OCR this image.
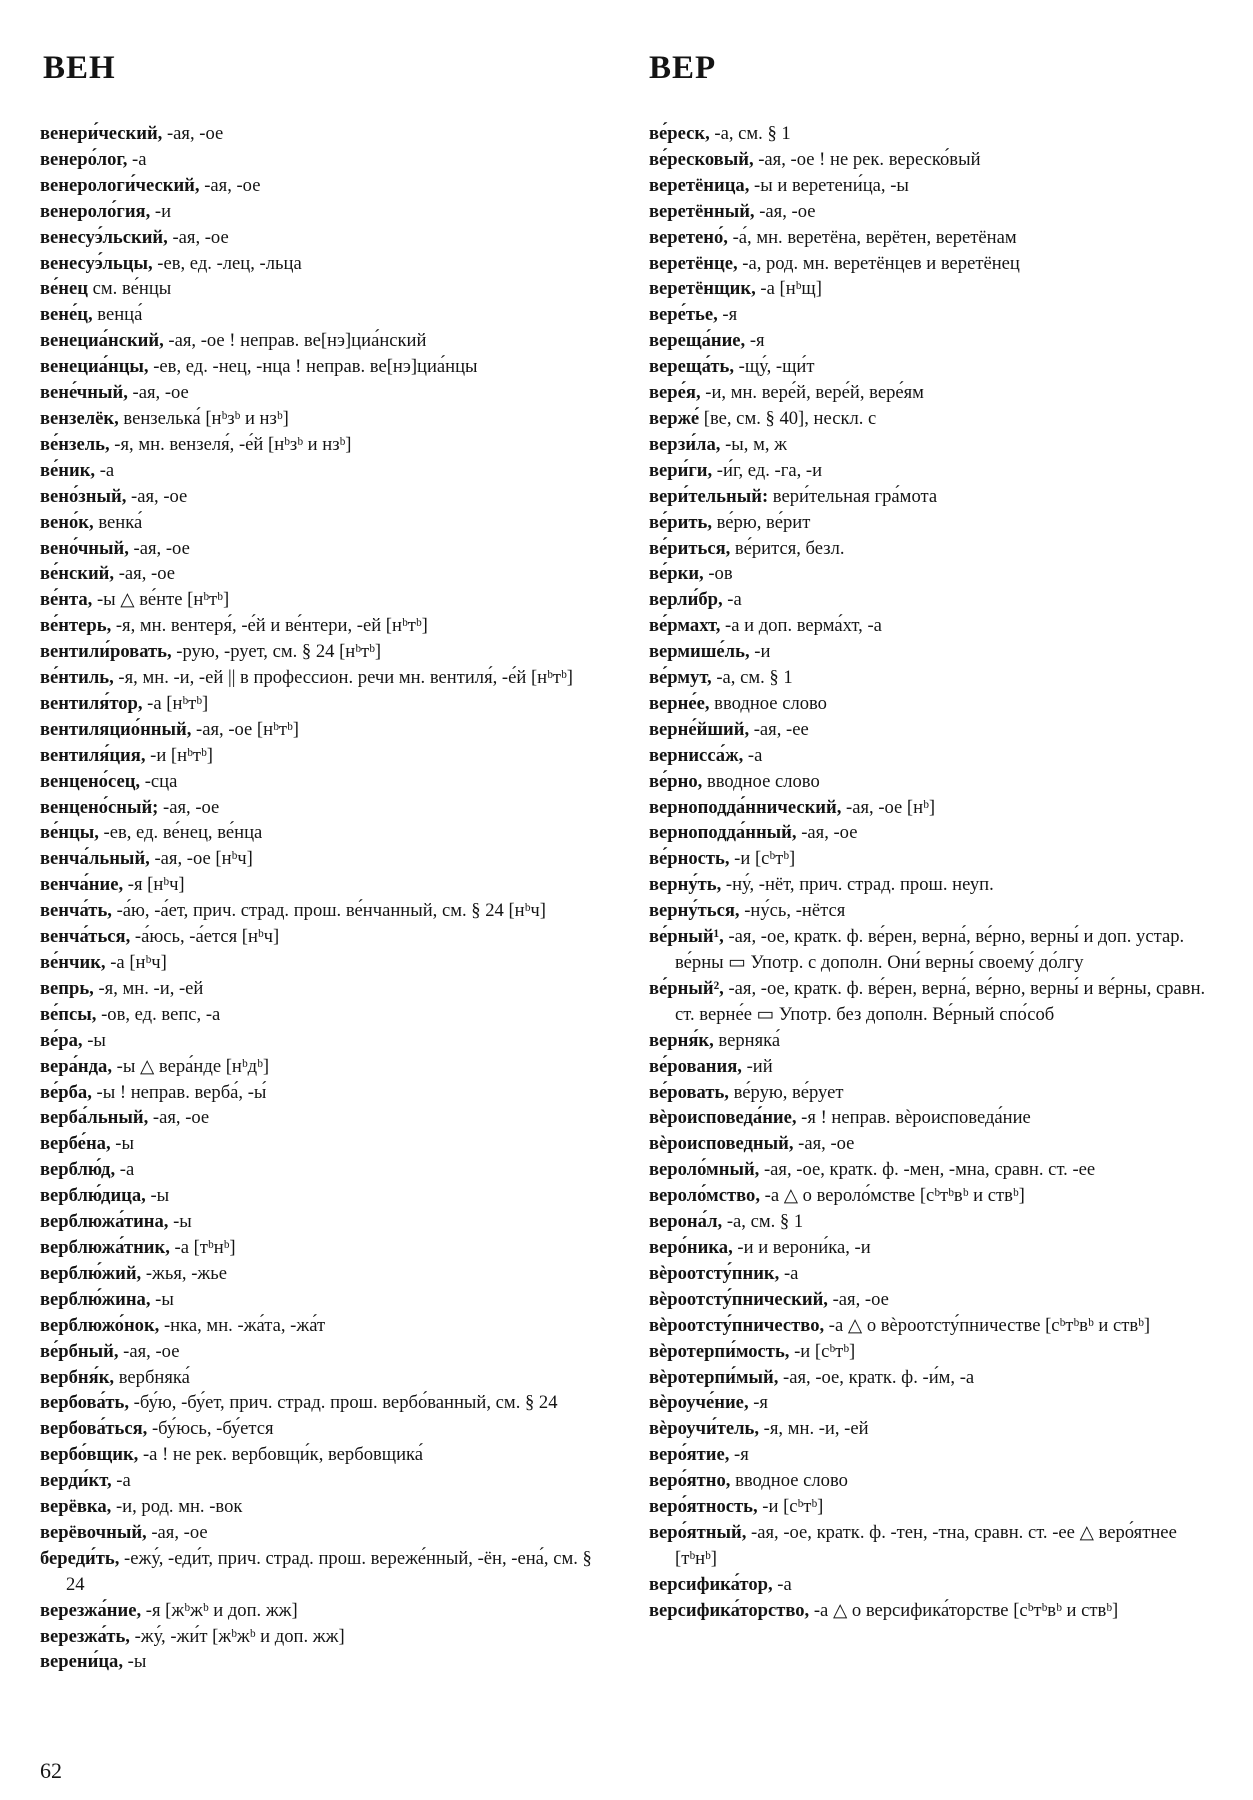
ВЕН	ВЕР
венери́ческий, -ая, -ое
венеро́лог, -а
венерологи́ческий, -ая, -ое
венероло́гия, -и
венесуэ́льский, -ая, -ое
венесуэ́льцы, -ев, ед. -лец, -льца
ве́нец см. ве́нцы
вене́ц, венца́
венециа́нский, -ая, -ое ! неправ. ве[нэ]циа́нский
венециа́нцы, -ев, ед. -нец, -нца ! неправ. ве[нэ]циа́нцы
вене́чный, -ая, -ое
вензелёк, вензелька́ [нᵇзᵇ и нзᵇ]
ве́нзель, -я, мн. вензеля́, -е́й [нᵇзᵇ и нзᵇ]
ве́ник, -а
вено́зный, -ая, -ое
вено́к, венка́
вено́чный, -ая, -ое
ве́нский, -ая, -ое
ве́нта, -ы △ ве́нте [нᵇтᵇ]
ве́нтерь, -я, мн. вентеря́, -е́й и ве́нтери, -ей [нᵇтᵇ]
вентили́ровать, -рую, -рует, см. § 24 [нᵇтᵇ]
ве́нтиль, -я, мн. -и, -ей || в профессион. речи мн. вентиля́, -е́й [нᵇтᵇ]
вентиля́тор, -а [нᵇтᵇ]
вентиляцио́нный, -ая, -ое [нᵇтᵇ]
вентиля́ция, -и [нᵇтᵇ]
венцено́сец, -сца
венцено́сный; -ая, -ое
ве́нцы, -ев, ед. ве́нец, ве́нца
венча́льный, -ая, -ое [нᵇч]
венча́ние, -я [нᵇч]
венча́ть, -а́ю, -а́ет, прич. страд. прош. ве́нчанный, см. § 24 [нᵇч]
венча́ться, -а́юсь, -а́ется [нᵇч]
ве́нчик, -а [нᵇч]
вепрь, -я, мн. -и, -ей
ве́псы, -ов, ед. вепс, -а
ве́ра, -ы
вера́нда, -ы △ вера́нде [нᵇдᵇ]
ве́рба, -ы ! неправ. верба́, -ы́
верба́льный, -ая, -ое
вербе́на, -ы
верблю́д, -а
верблю́дица, -ы
верблюжа́тина, -ы
верблюжа́тник, -а [тᵇнᵇ]
верблю́жий, -жья, -жье
верблю́жина, -ы
верблюжо́нок, -нка, мн. -жа́та, -жа́т
ве́рбный, -ая, -ое
вербня́к, вербняка́
вербова́ть, -бу́ю, -бу́ет, прич. страд. прош. вербо́ванный, см. § 24
вербова́ться, -бу́юсь, -бу́ется
вербо́вщик, -а ! не рек. вербовщи́к, вербовщика́
верди́кт, -а
верёвка, -и, род. мн. -вок
верёвочный, -ая, -ое
береди́ть, -ежу́, -еди́т, прич. страд. прош. вереже́нный, -ён, -ена́, см. § 24
верезжа́ние, -я [жᵇжᵇ и доп. жж]
верезжа́ть, -жу́, -жи́т [жᵇжᵇ и доп. жж]
верени́ца, -ы
ве́реск, -а, см. § 1
ве́ресковый, -ая, -ое ! не рек. вереско́вый
веретёница, -ы и веретени́ца, -ы
веретённый, -ая, -ое
веретено́, -а́, мн. веретёна, верётен, веретёнам
веретёнце, -а, род. мн. веретёнцев и веретёнец
веретёнщик, -а [нᵇщ]
вере́тье, -я
вереща́ние, -я
вереща́ть, -щу́, -щи́т
вере́я, -и, мн. вере́й, вере́й, вере́ям
верже́ [ве, см. § 40], нескл. с
верзи́ла, -ы, м, ж
вери́ги, -и́г, ед. -га, -и
вери́тельный: вери́тельная гра́мота
ве́рить, ве́рю, ве́рит
ве́риться, ве́рится, безл.
ве́рки, -ов
верли́бр, -а
ве́рмахт, -а и доп. верма́хт, -а
вермише́ль, -и
ве́рмут, -а, см. § 1
верне́е, вводное слово
верне́йший, -ая, -ее
вернисса́ж, -а
ве́рно, вводное слово
верноподда́ннический, -ая, -ое [нᵇ]
верноподда́нный, -ая, -ое
ве́рность, -и [сᵇтᵇ]
верну́ть, -ну́, -нёт, прич. страд. прош. неуп.
верну́ться, -ну́сь, -нётся
ве́рный¹, -ая, -ое, кратк. ф. ве́рен, верна́, ве́рно, верны́ и доп. устар. ве́рны ▭ Употр. с дополн. Они́ верны́ своему́ до́лгу
ве́рный², -ая, -ое, кратк. ф. ве́рен, верна́, ве́рно, верны́ и ве́рны, сравн. ст. верне́е ▭ Употр. без дополн. Ве́рный спо́соб
верня́к, верняка́
ве́рования, -ий
ве́ровать, ве́рую, ве́рует
вѐроисповеда́ние, -я ! неправ. вѐроисповеда́ние
вѐроисповедный, -ая, -ое
вероло́мный, -ая, -ое, кратк. ф. -мен, -мна, сравн. ст. -ее
вероло́мство, -а △ о вероло́мстве [сᵇтᵇвᵇ и ствᵇ]
верона́л, -а, см. § 1
веро́ника, -и и верони́ка, -и
вѐроотсту́пник, -а
вѐроотсту́пнический, -ая, -ое
вѐроотсту́пничество, -а △ о вѐроотсту́пничестве [сᵇтᵇвᵇ и ствᵇ]
вѐротерпи́мость, -и [сᵇтᵇ]
вѐротерпи́мый, -ая, -ое, кратк. ф. -и́м, -а
вѐроуче́ние, -я
вѐроучи́тель, -я, мн. -и, -ей
веро́ятие, -я
веро́ятно, вводное слово
веро́ятность, -и [сᵇтᵇ]
веро́ятный, -ая, -ое, кратк. ф. -тен, -тна, сравн. ст. -ее △ веро́ятнее [тᵇнᵇ]
версифика́тор, -а
версифика́торство, -а △ о версифика́торстве [сᵇтᵇвᵇ и ствᵇ]
62
